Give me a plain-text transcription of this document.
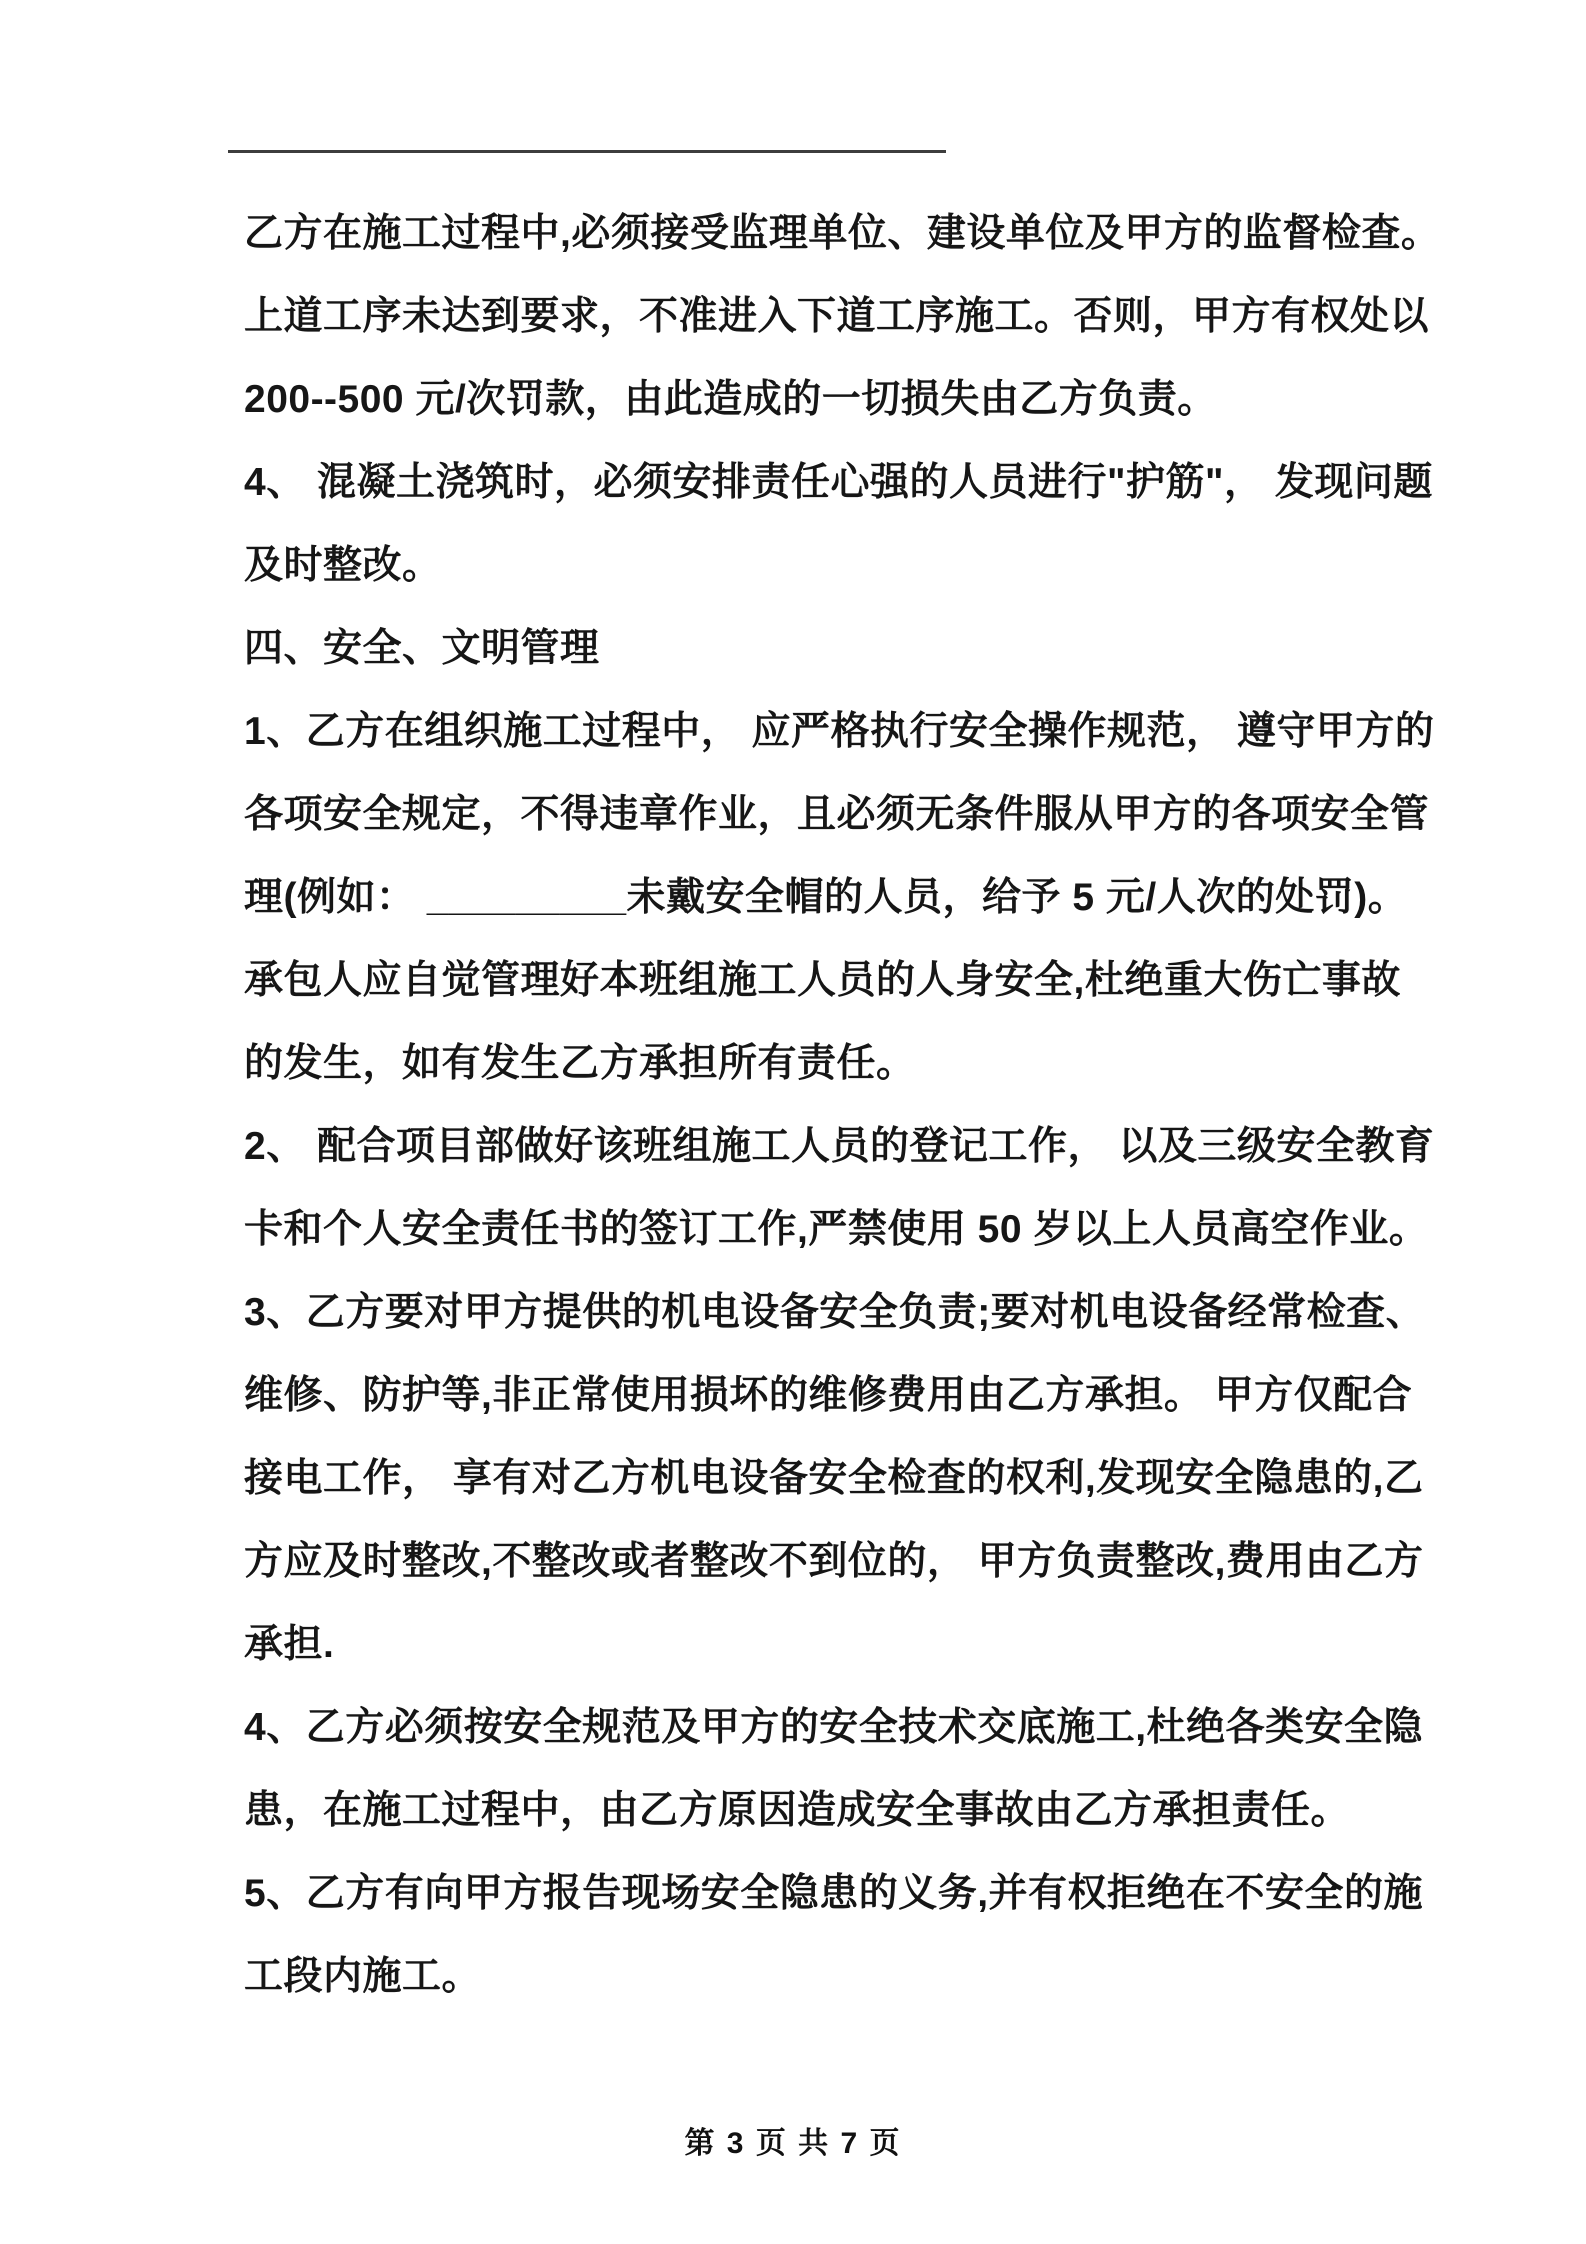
乙方在施工过程中,必须接受监理单位、建设单位及甲方的监督检查。
上道工序未达到要求，不准进入下道工序施工。否则，甲方有权处以
200--500 元/次罚款，由此造成的一切损失由乙方负责。
4、 混凝土浇筑时，必须安排责任心强的人员进行"护筋"， 发现问题
及时整改。
四、安全、文明管理
1、乙方在组织施工过程中， 应严格执行安全操作规范， 遵守甲方的
各项安全规定，不得违章作业，且必须无条件服从甲方的各项安全管
理(例如： _________未戴安全帽的人员，给予 5 元/人次的处罚)。
承包人应自觉管理好本班组施工人员的人身安全,杜绝重大伤亡事故
的发生，如有发生乙方承担所有责任。
2、 配合项目部做好该班组施工人员的登记工作， 以及三级安全教育
卡和个人安全责任书的签订工作,严禁使用 50 岁以上人员高空作业。
3、乙方要对甲方提供的机电设备安全负责;要对机电设备经常检查、
维修、防护等,非正常使用损坏的维修费用由乙方承担。 甲方仅配合
接电工作， 享有对乙方机电设备安全检查的权利,发现安全隐患的,乙
方应及时整改,不整改或者整改不到位的， 甲方负责整改,费用由乙方
承担.
4、乙方必须按安全规范及甲方的安全技术交底施工,杜绝各类安全隐
患，在施工过程中，由乙方原因造成安全事故由乙方承担责任。
5、乙方有向甲方报告现场安全隐患的义务,并有权拒绝在不安全的施
工段内施工。
第 3 页 共 7 页
